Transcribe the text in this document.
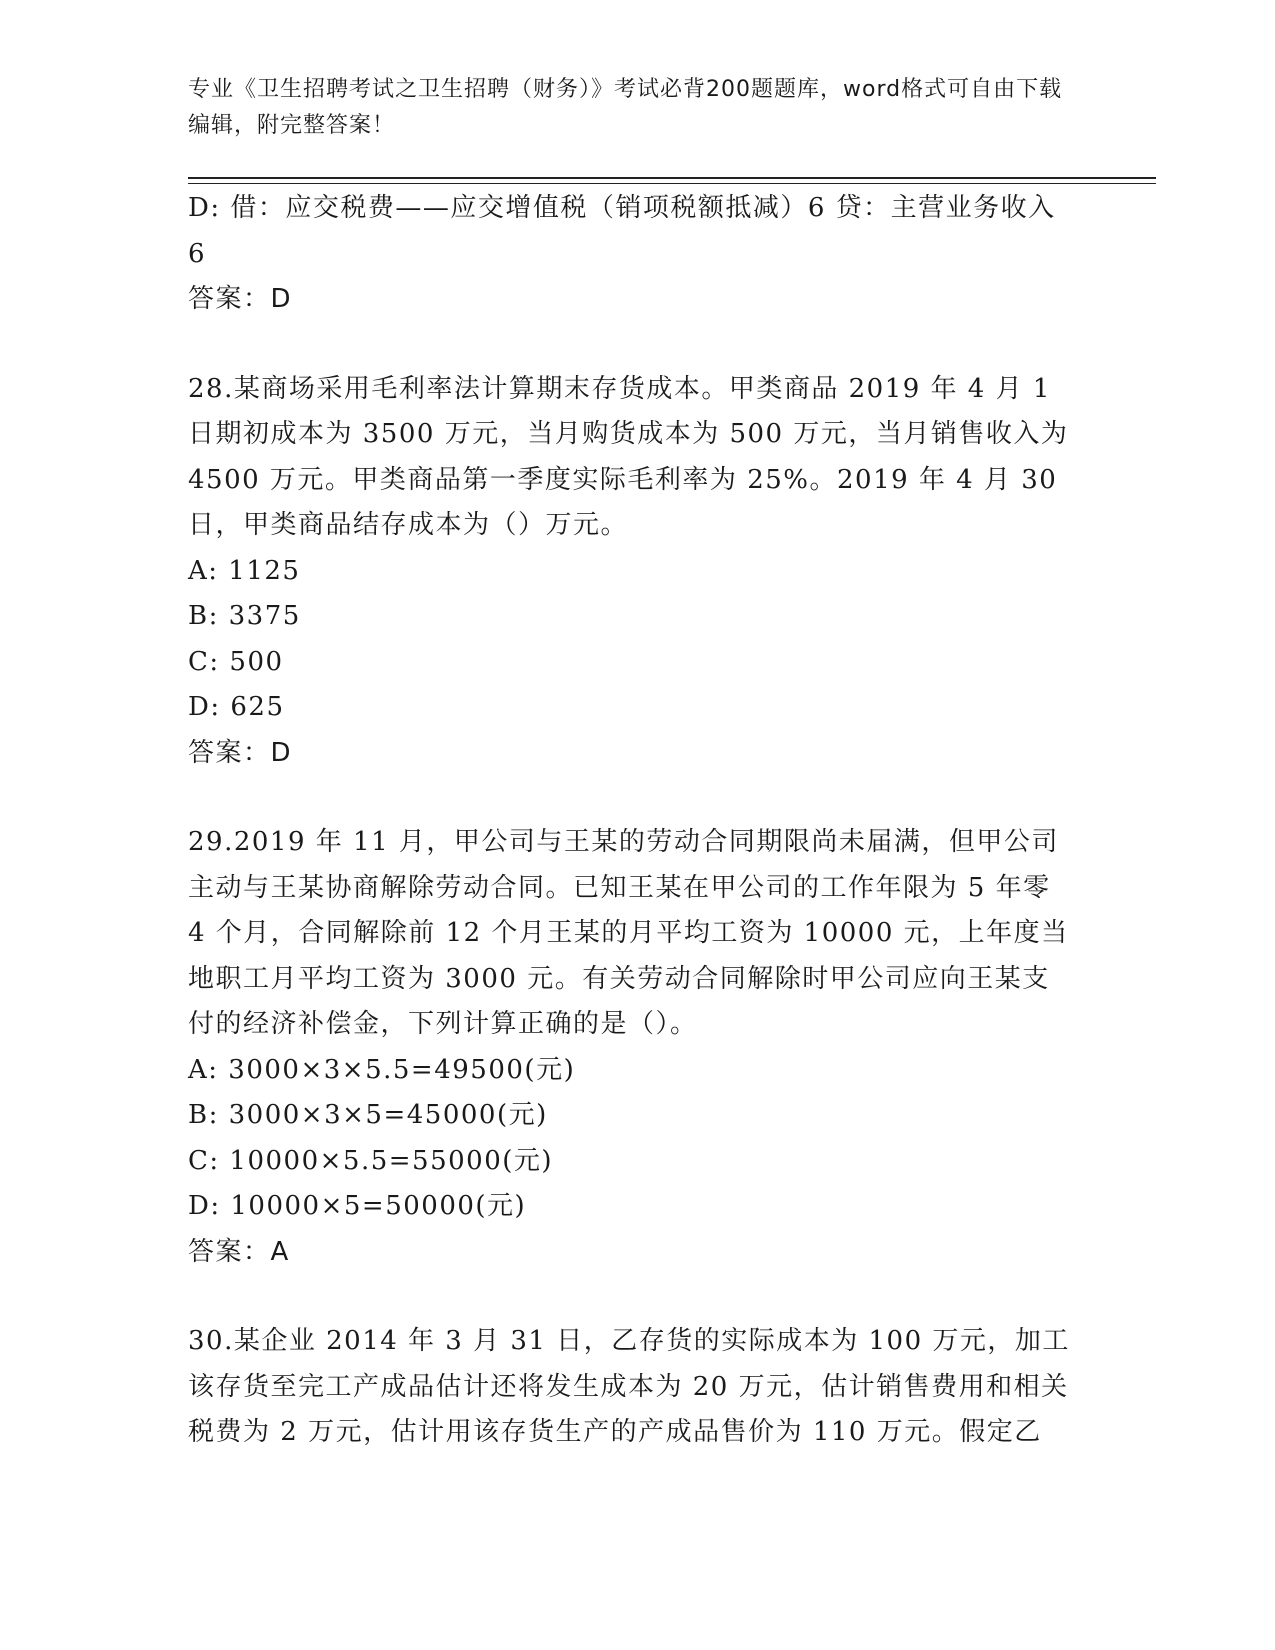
专业《卫生招聘考试之卫生招聘（财务）》考试必背200题题库，word格式可自由下载编辑，附完整答案！

D: 借：应交税费——应交增值税（销项税额抵减）6 贷：主营业务收入 6

答案：D

28.某商场采用毛利率法计算期末存货成本。甲类商品 2019 年 4 月 1 日期初成本为 3500 万元，当月购货成本为 500 万元，当月销售收入为 4500 万元。甲类商品第一季度实际毛利率为 25%。2019 年 4 月 30 日，甲类商品结存成本为（）万元。

A: 1125

B: 3375

C: 500

D: 625

答案：D

29.2019 年 11 月，甲公司与王某的劳动合同期限尚未届满，但甲公司主动与王某协商解除劳动合同。已知王某在甲公司的工作年限为 5 年零 4 个月，合同解除前 12 个月王某的月平均工资为 10000 元，上年度当地职工月平均工资为 3000 元。有关劳动合同解除时甲公司应向王某支付的经济补偿金，下列计算正确的是（）。

A: 3000×3×5.5=49500(元)

B: 3000×3×5=45000(元)

C: 10000×5.5=55000(元)

D: 10000×5=50000(元)

答案：A

30.某企业 2014 年 3 月 31 日，乙存货的实际成本为 100 万元，加工该存货至完工产成品估计还将发生成本为 20 万元，估计销售费用和相关税费为 2 万元，估计用该存货生产的产成品售价为 110 万元。假定乙
